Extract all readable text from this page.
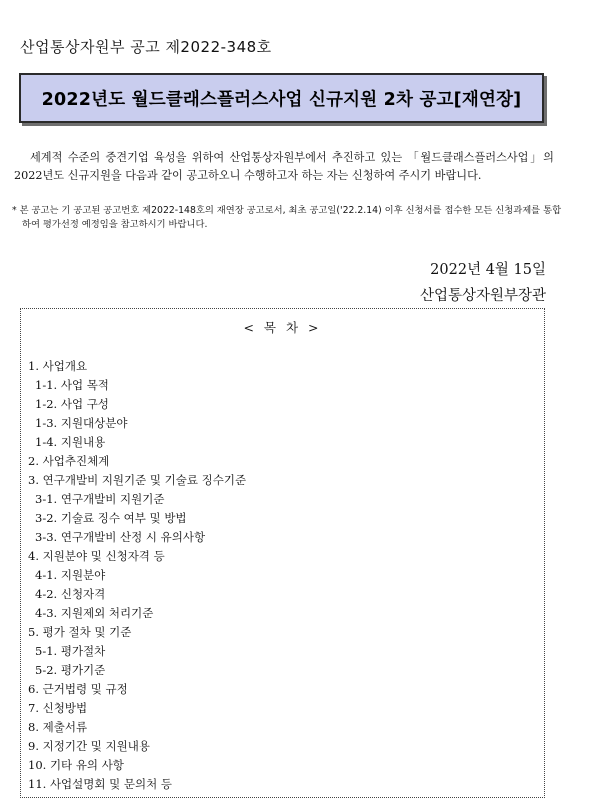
산업통상자원부 공고 제2022-348호
2022년도 월드클래스플러스사업 신규지원 2차 공고[재연장]

세계적 수준의 중견기업 육성을 위하여 산업통상자원부에서 추진하고 있는 「월드클래스플러스사업」의 2022년도 신규지원을 다음과 같이 공고하오니 수행하고자 하는 자는 신청하여 주시기 바랍니다.

* 본 공고는 기 공고된 공고번호 제2022-148호의 재연장 공고로서, 최초 공고일('22.2.14) 이후 신청서를 접수한 모든 신청과제를 통합하여 평가선정 예정임을 참고하시기 바랍니다.

2022년 4월 15일
산업통상자원부장관
< 목 차 >
1. 사업개요
1-1. 사업 목적
1-2. 사업 구성
1-3. 지원대상분야
1-4. 지원내용
2. 사업추진체계
3. 연구개발비 지원기준 및 기술료 징수기준
3-1. 연구개발비 지원기준
3-2. 기술료 징수 여부 및 방법
3-3. 연구개발비 산정 시 유의사항
4. 지원분야 및 신청자격 등
4-1. 지원분야
4-2. 신청자격
4-3. 지원제외 처리기준
5. 평가 절차 및 기준
5-1. 평가절차
5-2. 평가기준
6. 근거법령 및 규정
7. 신청방법
8. 제출서류
9. 지정기간 및 지원내용
10. 기타 유의 사항
11. 사업설명회 및 문의처 등
